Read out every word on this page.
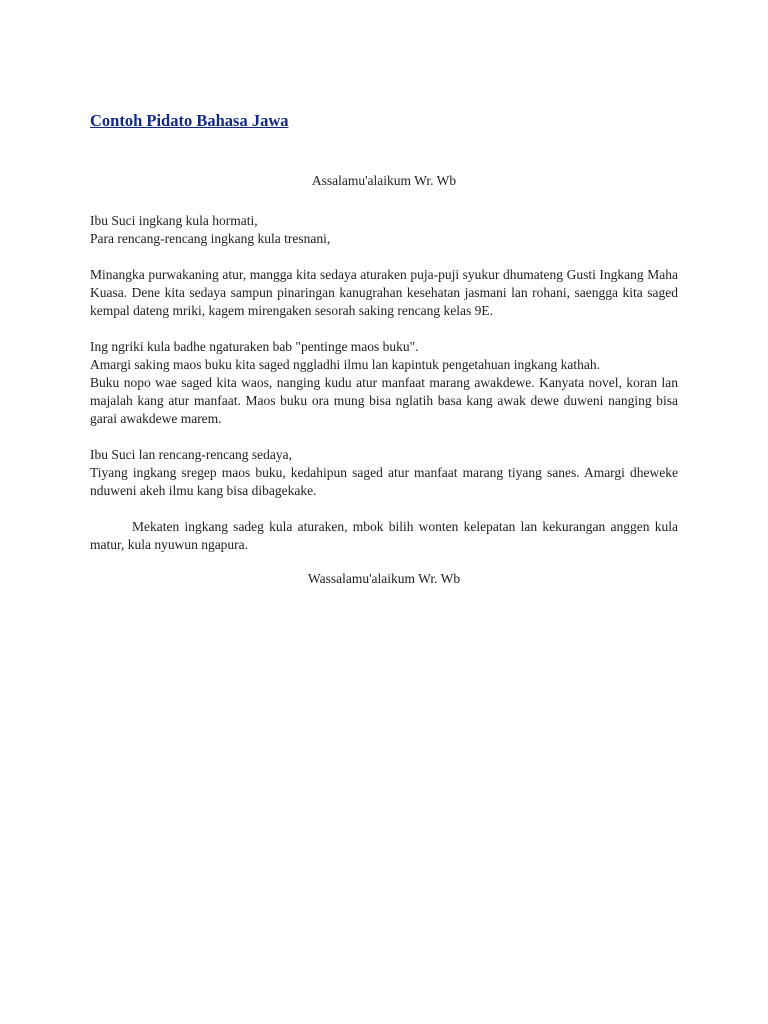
Contoh Pidato Bahasa Jawa

Assalamu'alaikum Wr. Wb

Ibu Suci ingkang kula hormati,
Para rencang-rencang ingkang kula tresnani,

Minangka purwakaning atur, mangga kita sedaya aturaken puja-puji syukur dhumateng Gusti Ingkang Maha Kuasa. Dene kita sedaya sampun pinaringan kanugrahan kesehatan jasmani lan rohani, saengga kita saged kempal dateng mriki, kagem mirengaken sesorah saking rencang kelas 9E.

Ing ngriki kula badhe ngaturaken bab "pentinge maos buku".
Amargi saking maos buku kita saged nggladhi ilmu lan kapintuk pengetahuan ingkang kathah.
Buku nopo wae saged kita waos, nanging kudu atur manfaat marang awakdewe. Kanyata novel, koran lan majalah kang atur manfaat. Maos buku ora mung bisa nglatih basa kang awak dewe duweni nanging bisa garai awakdewe marem.
Ibu Suci lan rencang-rencang sedaya,
Tiyang ingkang sregep maos buku, kedahipun saged atur manfaat marang tiyang sanes. Amargi dheweke nduweni akeh ilmu kang bisa dibagekake.

Mekaten ingkang sadeg kula aturaken, mbok bilih wonten kelepatan lan kekurangan anggen kula matur, kula nyuwun ngapura.

Wassalamu'alaikum Wr. Wb
